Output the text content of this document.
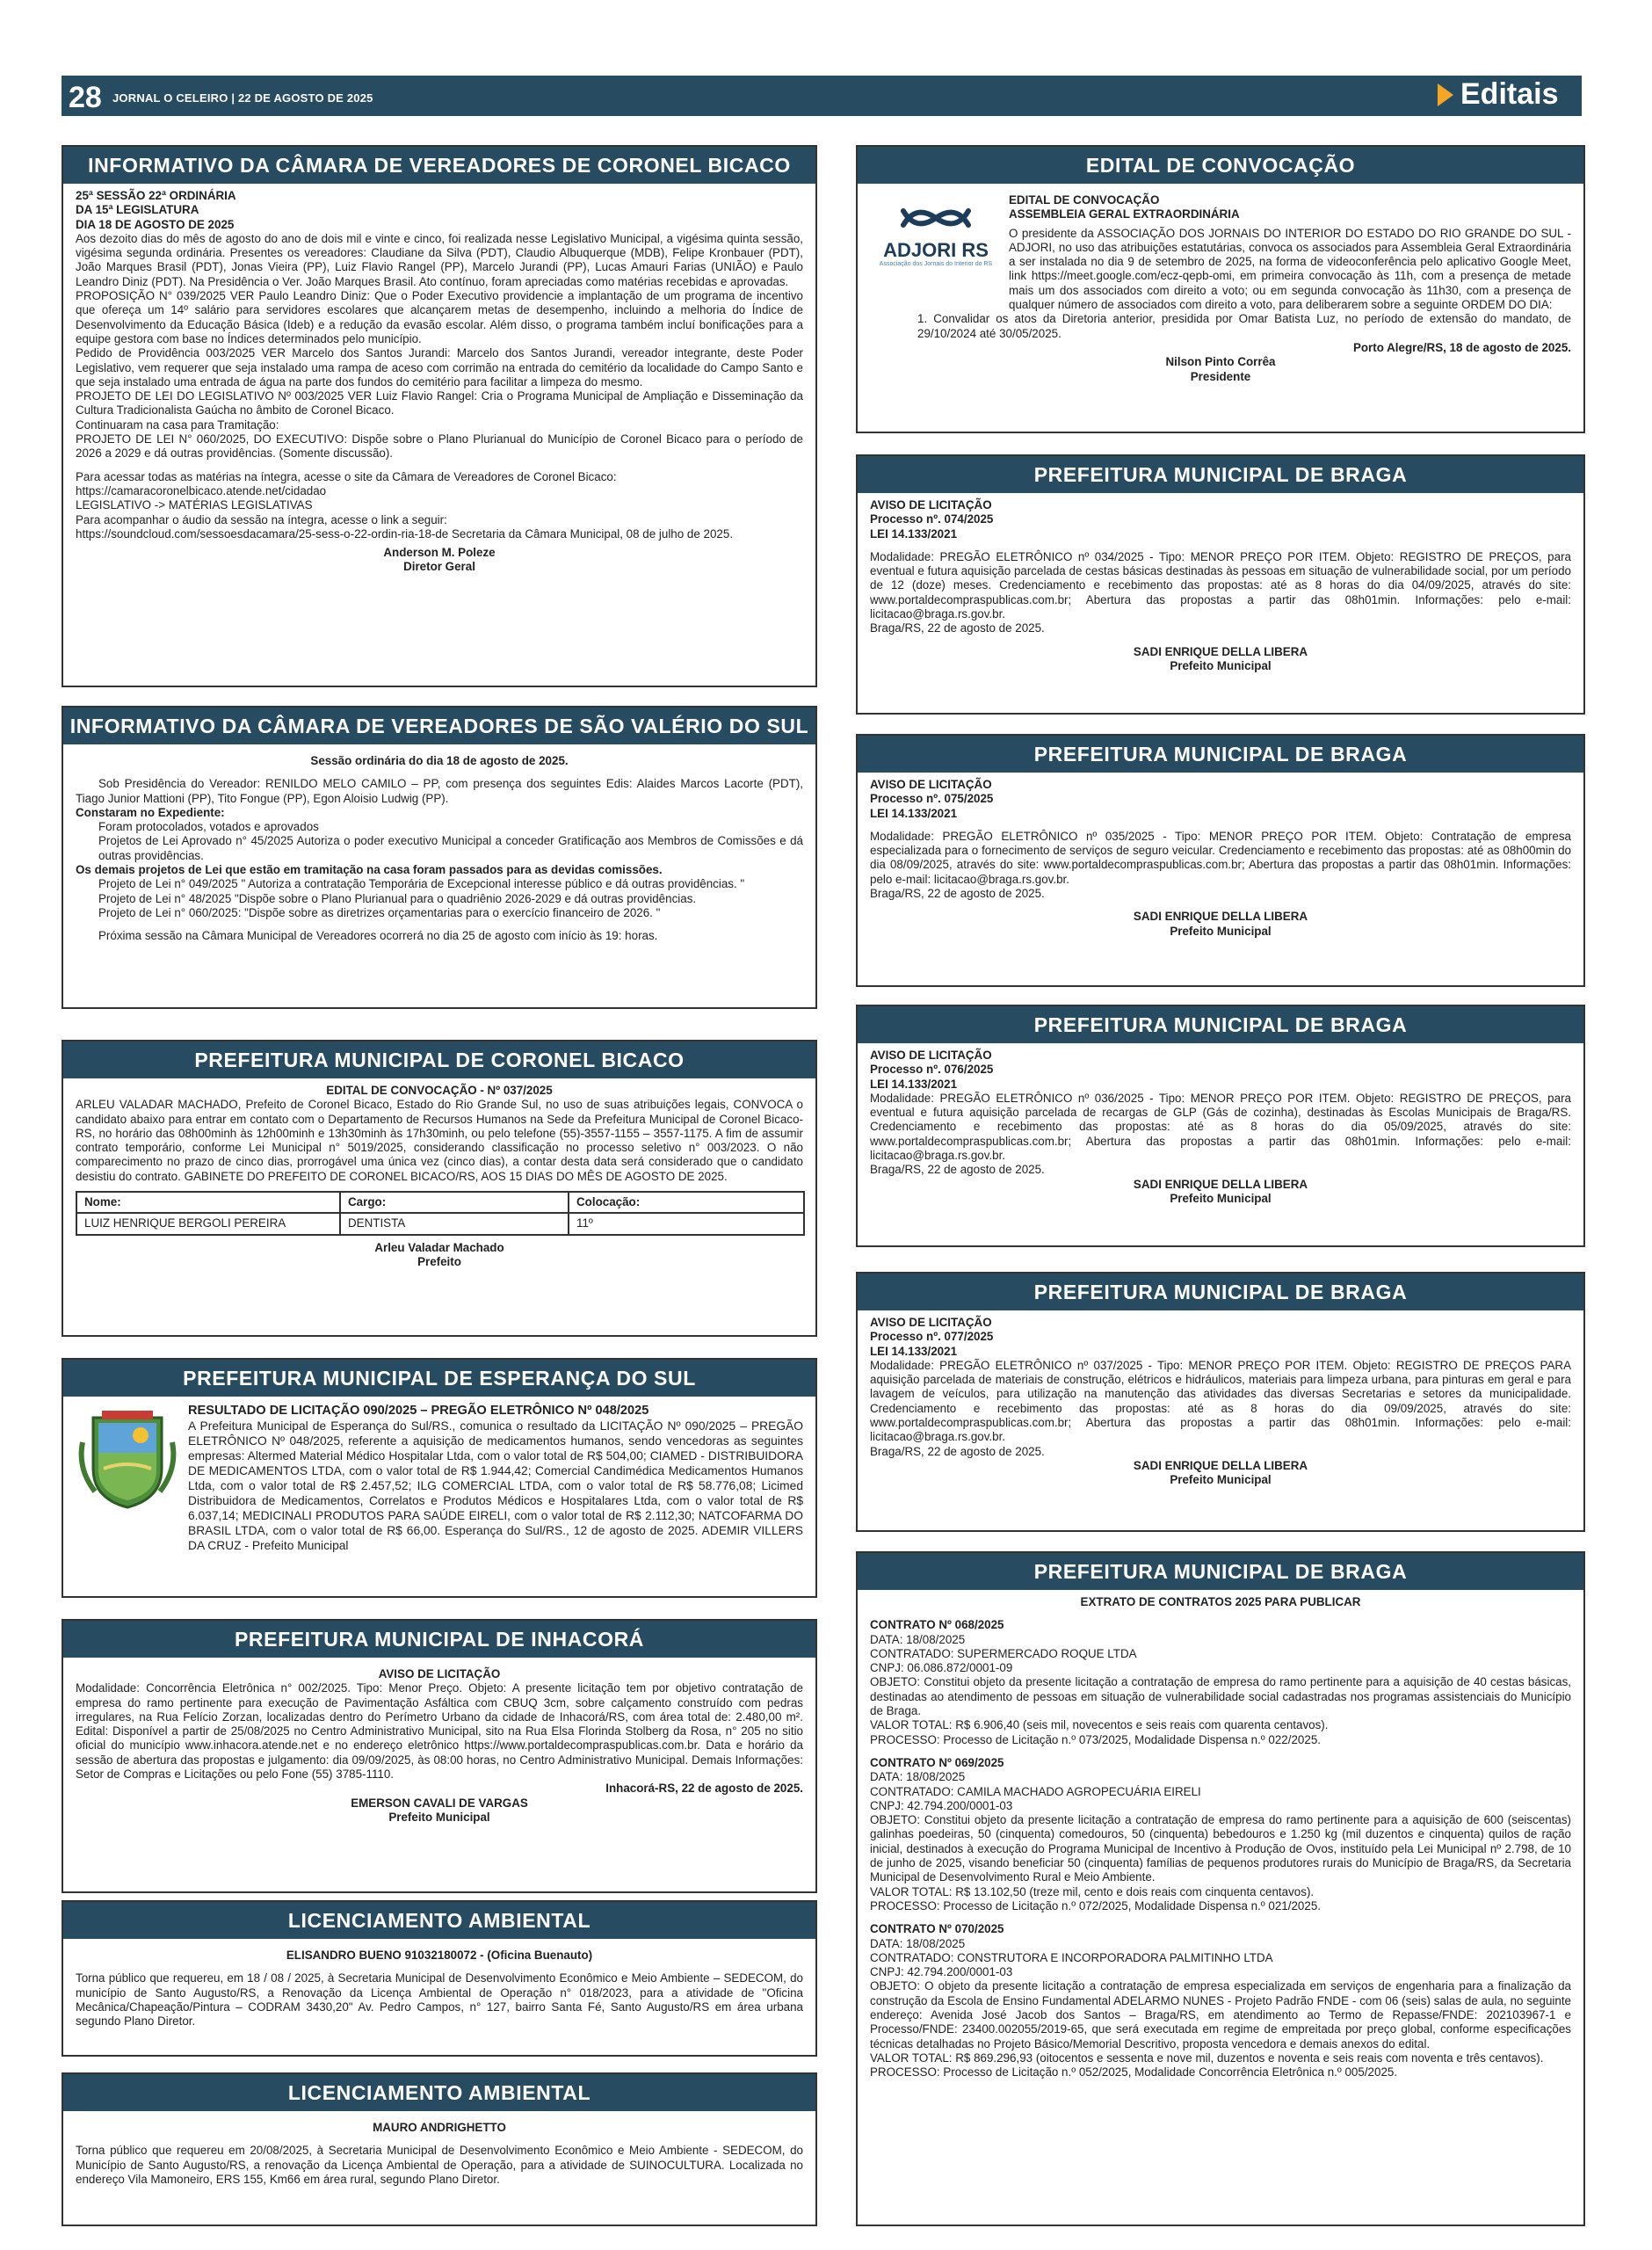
28 JORNAL O CELEIRO | 22 DE AGOSTO DE 2025	Editais
INFORMATIVO DA CÂMARA DE VEREADORES DE CORONEL BICACO
25ª SESSÃO 22ª ORDINÁRIA
DA 15ª LEGISLATURA
DIA 18 DE AGOSTO DE 2025
Aos dezoito dias do mês de agosto do ano de dois mil e vinte e cinco, foi realizada nesse Legislativo Municipal, a vigésima quinta sessão, vigésima segunda ordinária. Presentes os vereadores: Claudiane da Silva (PDT), Claudio Albuquerque (MDB), Felipe Kronbauer (PDT), João Marques Brasil (PDT), Jonas Vieira (PP), Luiz Flavio Rangel (PP), Marcelo Jurandi (PP), Lucas Amauri Farias (UNIÃO) e Paulo Leandro Diniz (PDT). Na Presidência o Ver. João Marques Brasil. Ato contínuo, foram apreciadas como matérias recebidas e aprovadas.
PROPOSIÇÃO N° 039/2025 VER Paulo Leandro Diniz: Que o Poder Executivo providencie a implantação de um programa de incentivo que ofereça um 14º salário para servidores escolares que alcançarem metas de desempenho, incluindo a melhoria do Índice de Desenvolvimento da Educação Básica (Ideb) e a redução da evasão escolar. Além disso, o programa também incluí bonificações para a equipe gestora com base no Índices determinados pelo município.
Pedido de Providência 003/2025 VER Marcelo dos Santos Jurandi: Marcelo dos Santos Jurandi, vereador integrante, deste Poder Legislativo, vem requerer que seja instalado uma rampa de aceso com corrimão na entrada do cemitério da localidade do Campo Santo e que seja instalado uma entrada de água na parte dos fundos do cemitério para facilitar a limpeza do mesmo.
PROJETO DE LEI DO LEGISLATIVO Nº 003/2025 VER Luiz Flavio Rangel: Cria o Programa Municipal de Ampliação e Disseminação da Cultura Tradicionalista Gaúcha no âmbito de Coronel Bicaco.
Continuaram na casa para Tramitação:
PROJETO DE LEI N° 060/2025, DO EXECUTIVO: Dispõe sobre o Plano Plurianual do Município de Coronel Bicaco para o período de 2026 a 2029 e dá outras providências. (Somente discussão).
Para acessar todas as matérias na íntegra, acesse o site da Câmara de Vereadores de Coronel Bicaco:
https://camaracoronelbicaco.atende.net/cidadao
LEGISLATIVO -> MATÉRIAS LEGISLATIVAS
Para acompanhar o áudio da sessão na íntegra, acesse o link a seguir:
https://soundcloud.com/sessoesdacamara/25-sess-o-22-ordin-ria-18-de Secretaria da Câmara Municipal, 08 de julho de 2025.
Anderson M. Poleze
Diretor Geral
INFORMATIVO DA CÂMARA DE VEREADORES DE SÃO VALÉRIO DO SUL
Sessão ordinária do dia 18 de agosto de 2025.
Sob Presidência do Vereador: RENILDO MELO CAMILO – PP, com presença dos seguintes Edis: Alaides Marcos Lacorte (PDT), Tiago Junior Mattioni (PP), Tito Fongue (PP), Egon Aloisio Ludwig (PP).
Constaram no Expediente:
Foram protocolados, votados e aprovados
Projetos de Lei Aprovado n° 45/2025 Autoriza o poder executivo Municipal a conceder Gratificação aos Membros de Comissões e dá outras providências.
Os demais projetos de Lei que estão em tramitação na casa foram passados para as devidas comissões.
Projeto de Lei n° 049/2025 " Autoriza a contratação Temporária de Excepcional interesse público e dá outras providências. "
Projeto de Lei n° 48/2025 "Dispõe sobre o Plano Plurianual para o quadriênio 2026-2029 e dá outras providências.
Projeto de Lei n° 060/2025: "Dispõe sobre as diretrizes orçamentarias para o exercício financeiro de 2026. "
Próxima sessão na Câmara Municipal de Vereadores ocorrerá no dia 25 de agosto com início às 19: horas.
PREFEITURA MUNICIPAL DE CORONEL BICACO
EDITAL DE CONVOCAÇÃO - Nº 037/2025
ARLEU VALADAR MACHADO, Prefeito de Coronel Bicaco, Estado do Rio Grande Sul, no uso de suas atribuições legais, CONVOCA o candidato abaixo para entrar em contato com o Departamento de Recursos Humanos na Sede da Prefeitura Municipal de Coronel Bicaco-RS, no horário das 08h00minh às 12h00minh e 13h30minh às 17h30minh, ou pelo telefone (55)-3557-1155 – 3557-1175. A fim de assumir contrato temporário, conforme Lei Municipal n° 5019/2025, considerando classificação no processo seletivo n° 003/2023. O não comparecimento no prazo de cinco dias, prorrogável uma única vez (cinco dias), a contar desta data será considerado que o candidato desistiu do contrato. GABINETE DO PREFEITO DE CORONEL BICACO/RS, AOS 15 DIAS DO MÊS DE AGOSTO DE 2025.
Nome:	Cargo:	Colocação:
LUIZ HENRIQUE BERGOLI PEREIRA	DENTISTA	11º
Arleu Valadar Machado
Prefeito
PREFEITURA MUNICIPAL DE ESPERANÇA DO SUL
RESULTADO DE LICITAÇÃO 090/2025 – PREGÃO ELETRÔNICO Nº 048/2025
A Prefeitura Municipal de Esperança do Sul/RS., comunica o resultado da LICITAÇÃO Nº 090/2025 – PREGÃO ELETRÔNICO Nº 048/2025, referente a aquisição de medicamentos humanos, sendo vencedoras as seguintes empresas: Altermed Material Médico Hospitalar Ltda, com o valor total de R$ 504,00; CIAMED - DISTRIBUIDORA DE MEDICAMENTOS LTDA, com o valor total de R$ 1.944,42; Comercial Candimédica Medicamentos Humanos Ltda, com o valor total de R$ 2.457,52; ILG COMERCIAL LTDA, com o valor total de R$ 58.776,08; Licimed Distribuidora de Medicamentos, Correlatos e Produtos Médicos e Hospitalares Ltda, com o valor total de R$ 6.037,14; MEDICINALI PRODUTOS PARA SAÚDE EIRELI, com o valor total de R$ 2.112,30; NATCOFARMA DO BRASIL LTDA, com o valor total de R$ 66,00. Esperança do Sul/RS., 12 de agosto de 2025. ADEMIR VILLERS DA CRUZ - Prefeito Municipal
PREFEITURA MUNICIPAL DE INHACORÁ
AVISO DE LICITAÇÃO
Modalidade: Concorrência Eletrônica n° 002/2025. Tipo: Menor Preço. Objeto: A presente licitação tem por objetivo contratação de empresa do ramo pertinente para execução de Pavimentação Asfáltica com CBUQ 3cm, sobre calçamento construído com pedras irregulares, na Rua Felício Zorzan, localizadas dentro do Perímetro Urbano da cidade de Inhacorá/RS, com área total de: 2.480,00 m². Edital: Disponível a partir de 25/08/2025 no Centro Administrativo Municipal, sito na Rua Elsa Florinda Stolberg da Rosa, n° 205 no sitio oficial do município www.inhacora.atende.net e no endereço eletrônico https://www.portaldecompraspublicas.com.br. Data e horário da sessão de abertura das propostas e julgamento: dia 09/09/2025, às 08:00 horas, no Centro Administrativo Municipal. Demais Informações: Setor de Compras e Licitações ou pelo Fone (55) 3785-1110.
Inhacorá-RS, 22 de agosto de 2025.
EMERSON CAVALI DE VARGAS
Prefeito Municipal
LICENCIAMENTO AMBIENTAL
ELISANDRO BUENO 91032180072 - (Oficina Buenauto)
Torna público que requereu, em 18 / 08 / 2025, à Secretaria Municipal de Desenvolvimento Econômico e Meio Ambiente – SEDECOM, do município de Santo Augusto/RS, a Renovação da Licença Ambiental de Operação n° 018/2023, para a atividade de "Oficina Mecânica/Chapeação/Pintura – CODRAM 3430,20" Av. Pedro Campos, n° 127, bairro Santa Fé, Santo Augusto/RS em área urbana segundo Plano Diretor.
LICENCIAMENTO AMBIENTAL
MAURO ANDRIGHETTO
Torna público que requereu em 20/08/2025, à Secretaria Municipal de Desenvolvimento Econômico e Meio Ambiente - SEDECOM, do Município de Santo Augusto/RS, a renovação da Licença Ambiental de Operação, para a atividade de SUINOCULTURA. Localizada no endereço Vila Mamoneiro, ERS 155, Km66 em área rural, segundo Plano Diretor.
EDITAL DE CONVOCAÇÃO
ADJORI RS
Associação dos Jornais do Interior do RS
EDITAL DE CONVOCAÇÃO
ASSEMBLEIA GERAL EXTRAORDINÁRIA
O presidente da ASSOCIAÇÃO DOS JORNAIS DO INTERIOR DO ESTADO DO RIO GRANDE DO SUL - ADJORI, no uso das atribuições estatutárias, convoca os associados para Assembleia Geral Extraordinária a ser instalada no dia 9 de setembro de 2025, na forma de videoconferência pelo aplicativo Google Meet, link https://meet.google.com/ecz-qepb-omi, em primeira convocação às 11h, com a presença de metade mais um dos associados com direito a voto; ou em segunda convocação às 11h30, com a presença de qualquer número de associados com direito a voto, para deliberarem sobre a seguinte ORDEM DO DIA:
1. Convalidar os atos da Diretoria anterior, presidida por Omar Batista Luz, no período de extensão do mandato, de 29/10/2024 até 30/05/2025.
Porto Alegre/RS, 18 de agosto de 2025.
Nilson Pinto Corrêa
Presidente
PREFEITURA MUNICIPAL DE BRAGA
AVISO DE LICITAÇÃO
Processo nº. 074/2025
LEI 14.133/2021
Modalidade: PREGÃO ELETRÔNICO nº 034/2025 - Tipo: MENOR PREÇO POR ITEM. Objeto: REGISTRO DE PREÇOS, para eventual e futura aquisição parcelada de cestas básicas destinadas às pessoas em situação de vulnerabilidade social, por um período de 12 (doze) meses. Credenciamento e recebimento das propostas: até as 8 horas do dia 04/09/2025, através do site: www.portaldecompraspublicas.com.br; Abertura das propostas a partir das 08h01min. Informações: pelo e-mail: licitacao@braga.rs.gov.br.
Braga/RS, 22 de agosto de 2025.
SADI ENRIQUE DELLA LIBERA
Prefeito Municipal
PREFEITURA MUNICIPAL DE BRAGA
AVISO DE LICITAÇÃO
Processo nº. 075/2025
LEI 14.133/2021
Modalidade: PREGÃO ELETRÔNICO nº 035/2025 - Tipo: MENOR PREÇO POR ITEM. Objeto: Contratação de empresa especializada para o fornecimento de serviços de seguro veicular. Credenciamento e recebimento das propostas: até as 08h00min do dia 08/09/2025, através do site: www.portaldecompraspublicas.com.br; Abertura das propostas a partir das 08h01min. Informações: pelo e-mail: licitacao@braga.rs.gov.br.
Braga/RS, 22 de agosto de 2025.
SADI ENRIQUE DELLA LIBERA
Prefeito Municipal
PREFEITURA MUNICIPAL DE BRAGA
AVISO DE LICITAÇÃO
Processo nº. 076/2025
LEI 14.133/2021
Modalidade: PREGÃO ELETRÔNICO nº 036/2025 - Tipo: MENOR PREÇO POR ITEM. Objeto: REGISTRO DE PREÇOS, para eventual e futura aquisição parcelada de recargas de GLP (Gás de cozinha), destinadas às Escolas Municipais de Braga/RS. Credenciamento e recebimento das propostas: até as 8 horas do dia 05/09/2025, através do site: www.portaldecompraspublicas.com.br; Abertura das propostas a partir das 08h01min. Informações: pelo e-mail: licitacao@braga.rs.gov.br.
Braga/RS, 22 de agosto de 2025.
SADI ENRIQUE DELLA LIBERA
Prefeito Municipal
PREFEITURA MUNICIPAL DE BRAGA
AVISO DE LICITAÇÃO
Processo nº. 077/2025
LEI 14.133/2021
Modalidade: PREGÃO ELETRÔNICO nº 037/2025 - Tipo: MENOR PREÇO POR ITEM. Objeto: REGISTRO DE PREÇOS PARA aquisição parcelada de materiais de construção, elétricos e hidráulicos, materiais para limpeza urbana, para pinturas em geral e para lavagem de veículos, para utilização na manutenção das atividades das diversas Secretarias e setores da municipalidade. Credenciamento e recebimento das propostas: até as 8 horas do dia 09/09/2025, através do site: www.portaldecompraspublicas.com.br; Abertura das propostas a partir das 08h01min. Informações: pelo e-mail: licitacao@braga.rs.gov.br.
Braga/RS, 22 de agosto de 2025.
SADI ENRIQUE DELLA LIBERA
Prefeito Municipal
PREFEITURA MUNICIPAL DE BRAGA
EXTRATO DE CONTRATOS 2025 PARA PUBLICAR
CONTRATO Nº 068/2025
DATA: 18/08/2025
CONTRATADO: SUPERMERCADO ROQUE LTDA
CNPJ: 06.086.872/0001-09
OBJETO: Constitui objeto da presente licitação a contratação de empresa do ramo pertinente para a aquisição de 40 cestas básicas, destinadas ao atendimento de pessoas em situação de vulnerabilidade social cadastradas nos programas assistenciais do Município de Braga.
VALOR TOTAL: R$ 6.906,40 (seis mil, novecentos e seis reais com quarenta centavos).
PROCESSO: Processo de Licitação n.º 073/2025, Modalidade Dispensa n.º 022/2025.
CONTRATO Nº 069/2025
DATA: 18/08/2025
CONTRATADO: CAMILA MACHADO AGROPECUÁRIA EIRELI
CNPJ: 42.794.200/0001-03
OBJETO: Constitui objeto da presente licitação a contratação de empresa do ramo pertinente para a aquisição de 600 (seiscentas) galinhas poedeiras, 50 (cinquenta) comedouros, 50 (cinquenta) bebedouros e 1.250 kg (mil duzentos e cinquenta) quilos de ração inicial, destinados à execução do Programa Municipal de Incentivo à Produção de Ovos, instituído pela Lei Municipal nº 2.798, de 10 de junho de 2025, visando beneficiar 50 (cinquenta) famílias de pequenos produtores rurais do Município de Braga/RS, da Secretaria Municipal de Desenvolvimento Rural e Meio Ambiente.
VALOR TOTAL: R$ 13.102,50 (treze mil, cento e dois reais com cinquenta centavos).
PROCESSO: Processo de Licitação n.º 072/2025, Modalidade Dispensa n.º 021/2025.
CONTRATO Nº 070/2025
DATA: 18/08/2025
CONTRATADO: CONSTRUTORA E INCORPORADORA PALMITINHO LTDA
CNPJ: 42.794.200/0001-03
OBJETO: O objeto da presente licitação a contratação de empresa especializada em serviços de engenharia para a finalização da construção da Escola de Ensino Fundamental ADELARMO NUNES - Projeto Padrão FNDE - com 06 (seis) salas de aula, no seguinte endereço: Avenida José Jacob dos Santos – Braga/RS, em atendimento ao Termo de Repasse/FNDE: 202103967-1 e Processo/FNDE: 23400.002055/2019-65, que será executada em regime de empreitada por preço global, conforme especificações técnicas detalhadas no Projeto Básico/Memorial Descritivo, proposta vencedora e demais anexos do edital.
VALOR TOTAL: R$ 869.296,93 (oitocentos e sessenta e nove mil, duzentos e noventa e seis reais com noventa e três centavos).
PROCESSO: Processo de Licitação n.º 052/2025, Modalidade Concorrência Eletrônica n.º 005/2025.
